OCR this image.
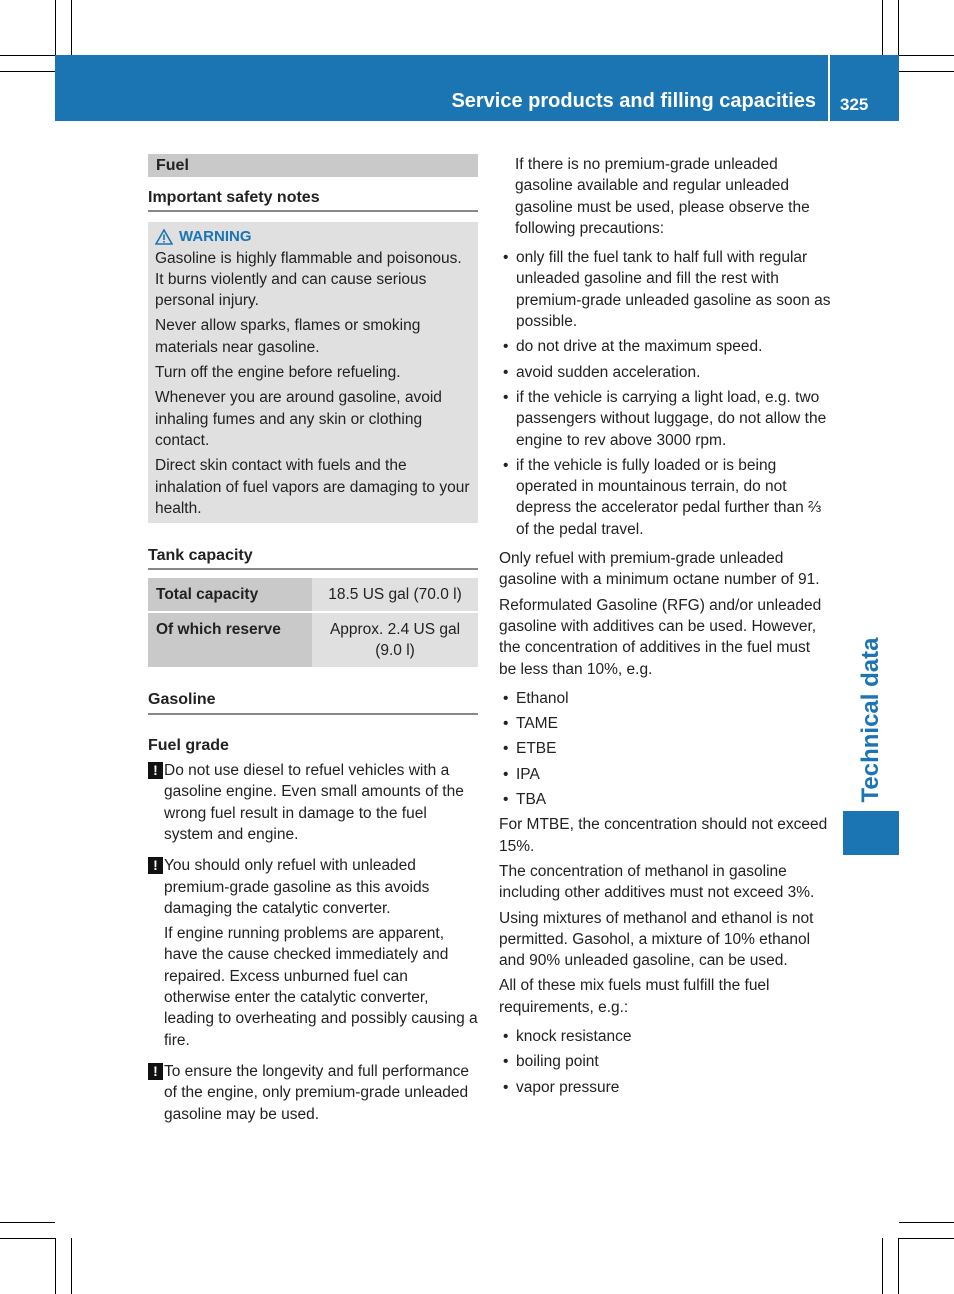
Service products and filling capacities 325
Technical data
Fuel
Important safety notes
WARNING

Gasoline is highly flammable and poisonous. It burns violently and can cause serious personal injury.

Never allow sparks, flames or smoking materials near gasoline.

Turn off the engine before refueling.

Whenever you are around gasoline, avoid inhaling fumes and any skin or clothing contact.

Direct skin contact with fuels and the inhalation of fuel vapors are damaging to your health.

Tank capacity
Total capacity	18.5 US gal (70.0 l)
Of which reserve	Approx. 2.4 US gal (9.0 l)
Gasoline
Fuel grade
! Do not use diesel to refuel vehicles with a gasoline engine. Even small amounts of the wrong fuel result in damage to the fuel system and engine.

! You should only refuel with unleaded premium-grade gasoline as this avoids damaging the catalytic converter.

If engine running problems are apparent, have the cause checked immediately and repaired. Excess unburned fuel can otherwise enter the catalytic converter, leading to overheating and possibly causing a fire.

! To ensure the longevity and full performance of the engine, only premium-grade unleaded gasoline may be used.

If there is no premium-grade unleaded gasoline available and regular unleaded gasoline must be used, please observe the following precautions:

• only fill the fuel tank to half full with regular unleaded gasoline and fill the rest with premium-grade unleaded gasoline as soon as possible.
• do not drive at the maximum speed.
• avoid sudden acceleration.
• if the vehicle is carrying a light load, e.g. two passengers without luggage, do not allow the engine to rev above 3000 rpm.
• if the vehicle is fully loaded or is being operated in mountainous terrain, do not depress the accelerator pedal further than ⅔ of the pedal travel.

Only refuel with premium-grade unleaded gasoline with a minimum octane number of 91.

Reformulated Gasoline (RFG) and/or unleaded gasoline with additives can be used. However, the concentration of additives in the fuel must be less than 10%, e.g.

• Ethanol
• TAME
• ETBE
• IPA
• TBA

For MTBE, the concentration should not exceed 15%.

The concentration of methanol in gasoline including other additives must not exceed 3%.

Using mixtures of methanol and ethanol is not permitted. Gasohol, a mixture of 10% ethanol and 90% unleaded gasoline, can be used.

All of these mix fuels must fulfill the fuel requirements, e.g.:

• knock resistance
• boiling point
• vapor pressure
